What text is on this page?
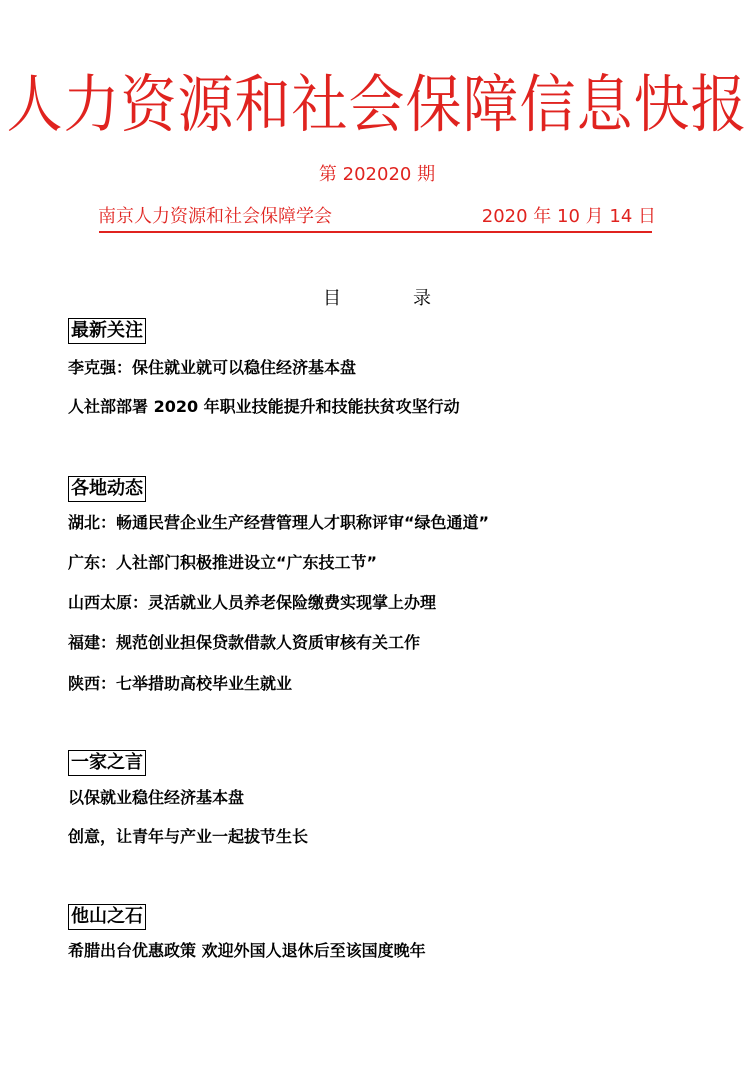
人力资源和社会保障信息快报
第 202020 期
南京人力资源和社会保障学会	2020 年 10 月 14 日
目	录
最新关注

李克强：保住就业就可以稳住经济基本盘

人社部部署 2020 年职业技能提升和技能扶贫攻坚行动

各地动态

湖北：畅通民营企业生产经营管理人才职称评审“绿色通道”

广东：人社部门积极推进设立“广东技工节”

山西太原：灵活就业人员养老保险缴费实现掌上办理

福建：规范创业担保贷款借款人资质审核有关工作

陕西：七举措助高校毕业生就业

一家之言

以保就业稳住经济基本盘

创意，让青年与产业一起拔节生长

他山之石

希腊出台优惠政策 欢迎外国人退休后至该国度晚年
